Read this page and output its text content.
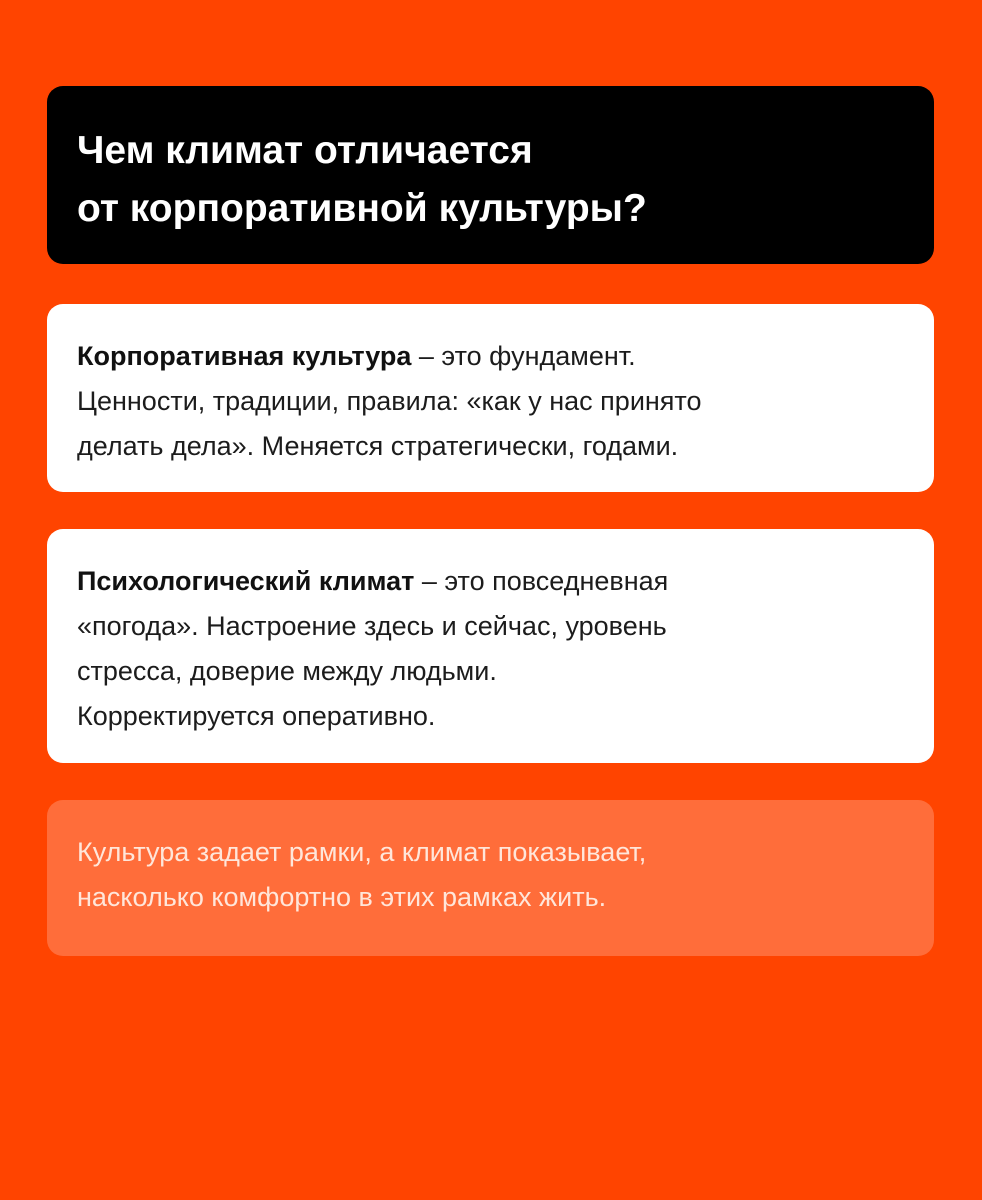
Чем климат отличается
от корпоративной культуры?

Корпоративная культура – это фундамент.
Ценности, традиции, правила: «как у нас принято
делать дела». Меняется стратегически, годами.

Психологический климат – это повседневная
«погода». Настроение здесь и сейчас, уровень
стресса, доверие между людьми.
Корректируется оперативно.

Культура задает рамки, а климат показывает,
насколько комфортно в этих рамках жить.
